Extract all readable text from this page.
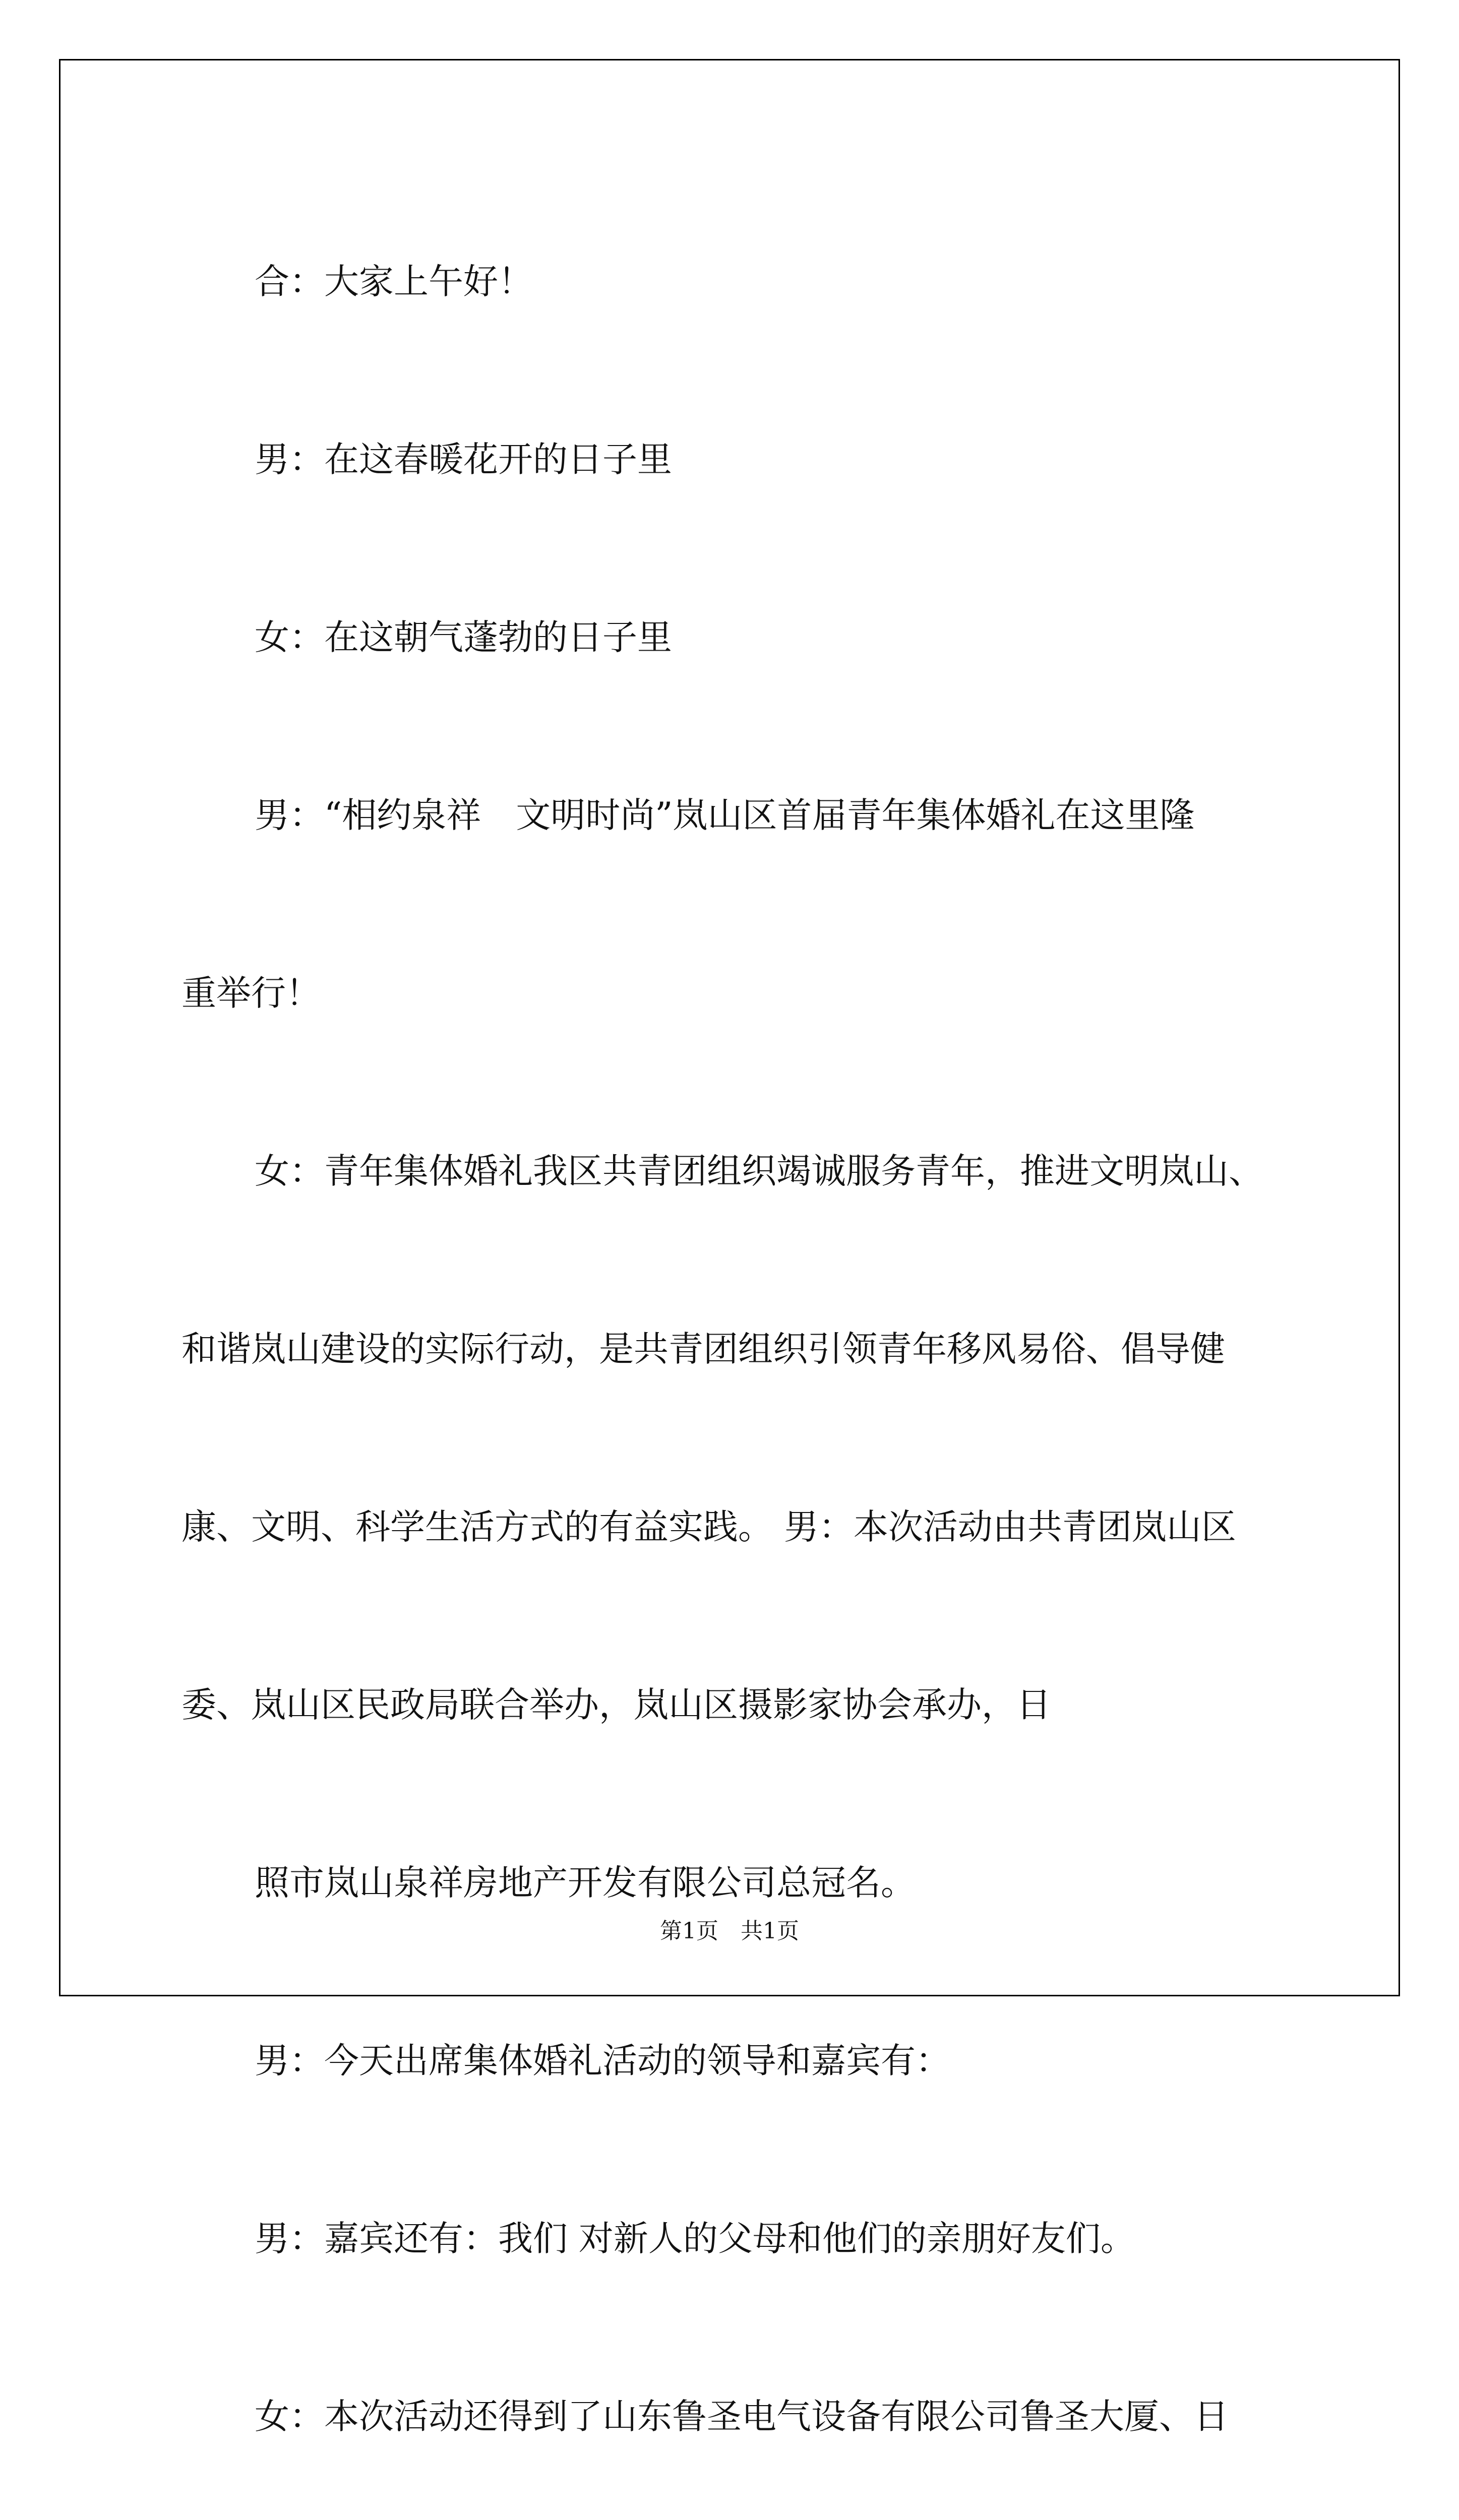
合：大家上午好！

男：在这春暖花开的日子里

女：在这朝气蓬勃的日子里

男：“相约泉祥　文明时尚”岚山区首届青年集体婚礼在这里隆

重举行！

女：青年集体婚礼我区共青团组织竭诚服务青年，推进文明岚山、

和谐岚山建设的实际行动，是共青团组织引领青年移风易俗、倡导健

康、文明、科学生活方式的有益实践。 男：本次活动由共青团岚山区

委、岚山区民政局联合举办，岚山区摄影家协会承办，日

照市岚山泉祥房地产开发有限公司总冠名。

男：今天出席集体婚礼活动的领导和嘉宾有：

男：嘉宾还有：我们 对新人的父母和他们的亲朋好友们。

女：本次活动还得到了山东鲁圣电气设备有限公司鲁圣大厦、日

第1页　共1页
